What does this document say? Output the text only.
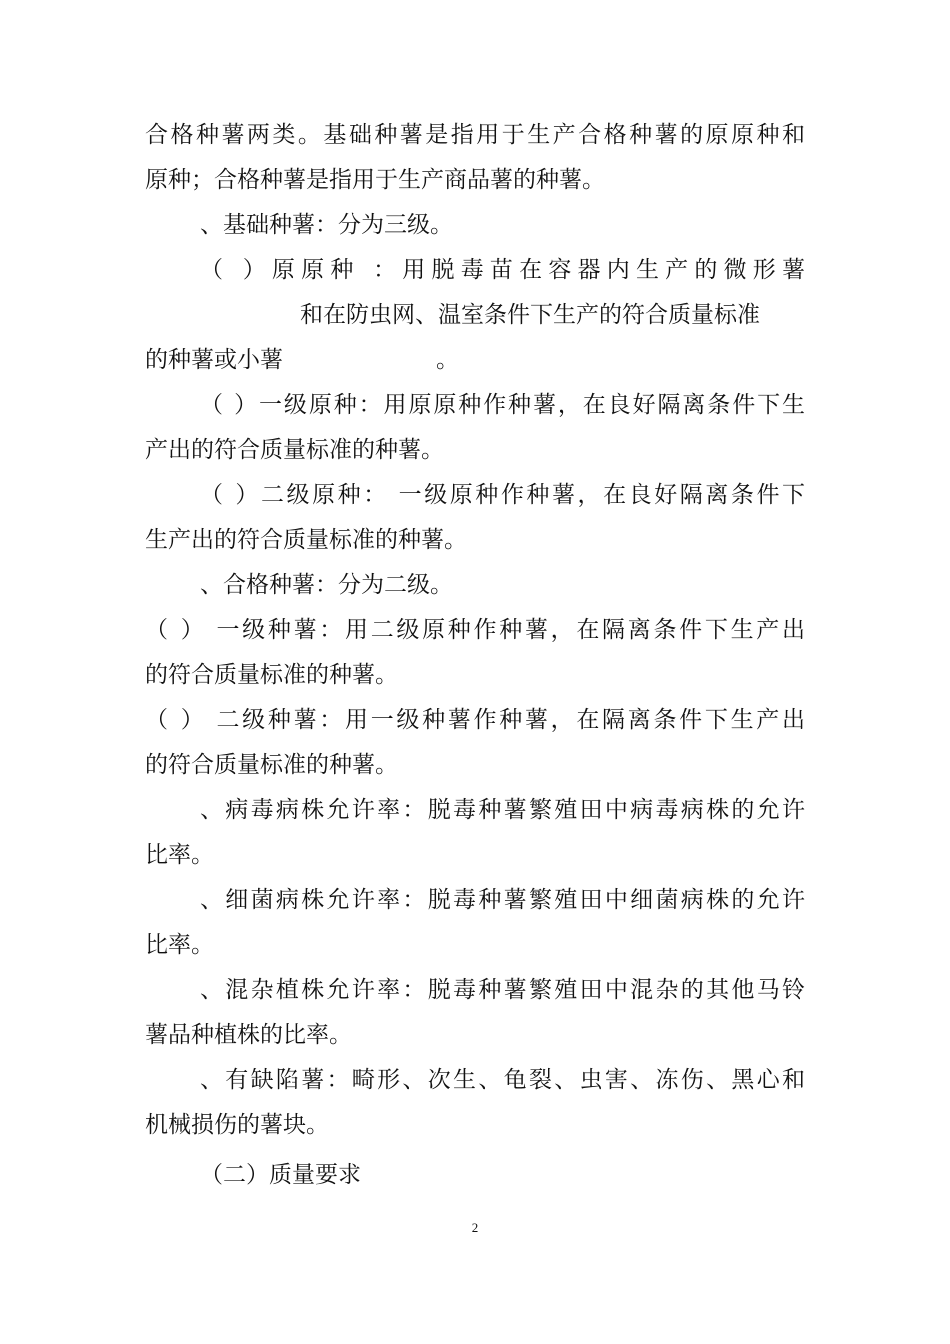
合格种薯两类。基础种薯是指用于生产合格种薯的原原种和

原种；合格种薯是指用于生产商品薯的种薯。

、基础种薯：分为三级。

（ ）原原种 ：用脱毒苗在容器内生产的微形薯

和在防虫网、温室条件下生产的符合质量标准

的种薯或小薯	。

（ ）一级原种：用原原种作种薯，在良好隔离条件下生

产出的符合质量标准的种薯。

（ ）二级原种： 一级原种作种薯，在良好隔离条件下

生产出的符合质量标准的种薯。

、合格种薯：分为二级。

（ ） 一级种薯：用二级原种作种薯，在隔离条件下生产出

的符合质量标准的种薯。

（ ） 二级种薯：用一级种薯作种薯，在隔离条件下生产出

的符合质量标准的种薯。

、病毒病株允许率：脱毒种薯繁殖田中病毒病株的允许

比率。

、细菌病株允许率：脱毒种薯繁殖田中细菌病株的允许

比率。

、混杂植株允许率：脱毒种薯繁殖田中混杂的其他马铃

薯品种植株的比率。

、有缺陷薯：畸形、次生、龟裂、虫害、冻伤、黑心和

机械损伤的薯块。

（二）质量要求

2
